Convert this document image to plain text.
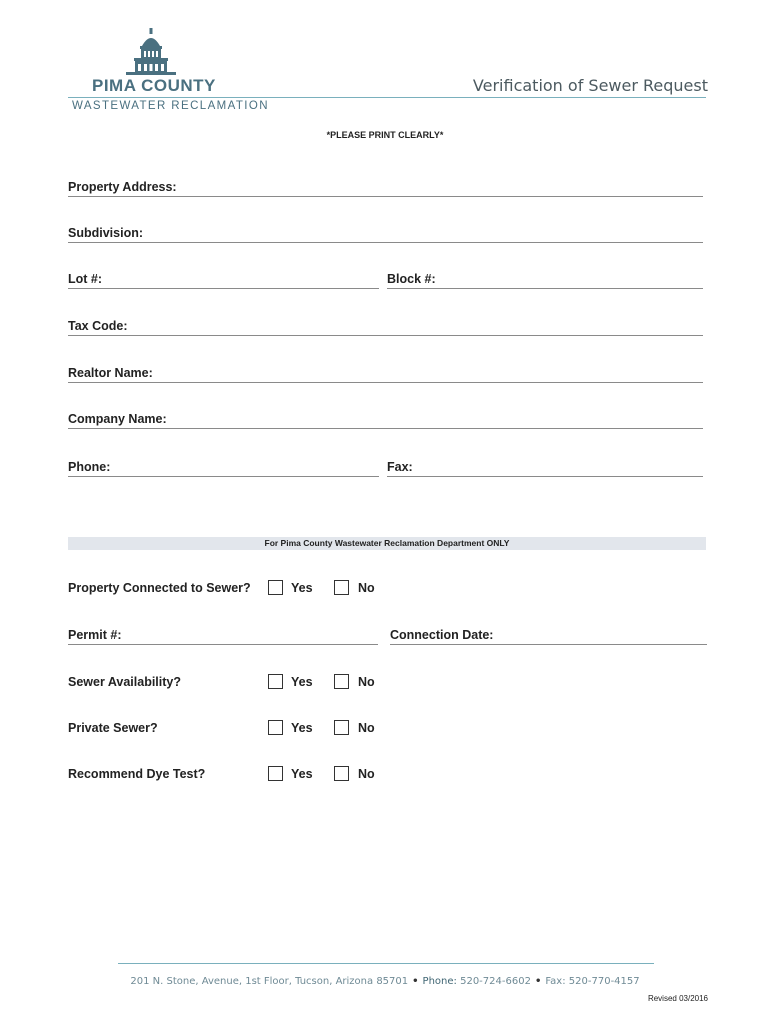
PIMA COUNTY
WASTEWATER RECLAMATION
Verification of Sewer Request
*PLEASE PRINT CLEARLY*
Property Address:
Subdivision:
Lot #:	Block #:
Tax Code:
Realtor Name:
Company Name:
Phone:	Fax:
For Pima County Wastewater Reclamation Department ONLY
Property Connected to Sewer?	Yes	No
Permit #:	Connection Date:
Sewer Availability?	Yes	No
Private Sewer?	Yes	No
Recommend Dye Test?	Yes	No
201 N. Stone, Avenue, 1st Floor, Tucson, Arizona 85701 • Phone: 520-724-6602 • Fax: 520-770-4157
Revised 03/2016
